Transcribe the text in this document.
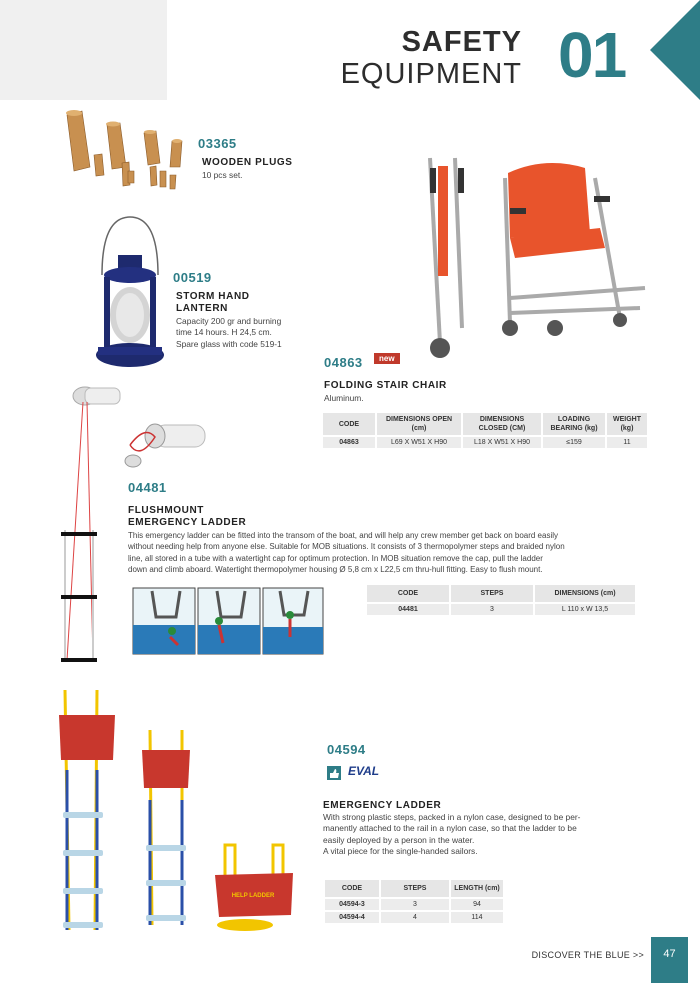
SAFETY
EQUIPMENT 01
03365
WOODEN PLUGS
10 pcs set.
00519
STORM HAND
LANTERN
Capacity 200 gr and burning
time 14 hours. H 24,5 cm.
Spare glass with code 519-1
04863	new
FOLDING STAIR CHAIR
Aluminum.
CODE	DIMENSIONS OPEN (cm)	DIMENSIONS CLOSED (CM)	LOADING BEARING (kg)	WEIGHT (kg)
04863	L69 X W51 X H90	L18 X W51 X H90	≤159	11
04481
FLUSHMOUNT
EMERGENCY LADDER
This emergency ladder can be fitted into the transom of the boat, and will help any crew member get back on board easily
without needing help from anyone else. Suitable for MOB situations. It consists of 3 thermopolymer steps and braided nylon
line, all stored in a tube with a watertight cap for optimum protection. In MOB situation remove the cap, pull the ladder
down and climb aboard. Watertight thermopolymer housing Ø 5,8 cm x L22,5 cm thru-hull fitting. Easy to flush mount.
CODE	STEPS	DIMENSIONS (cm)
04481	3	L 110 x W 13,5
HELP LADDER
04594
EVAL
EMERGENCY LADDER
With strong plastic steps, packed in a nylon case, designed to be per-
manently attached to the rail in a nylon case, so that the ladder to be
easily deployed by a person in the water.
A vital piece for the single-handed sailors.
CODE	STEPS	LENGTH (cm)
04594-3	3	94
04594-4	4	114
DISCOVER THE BLUE >>	47
